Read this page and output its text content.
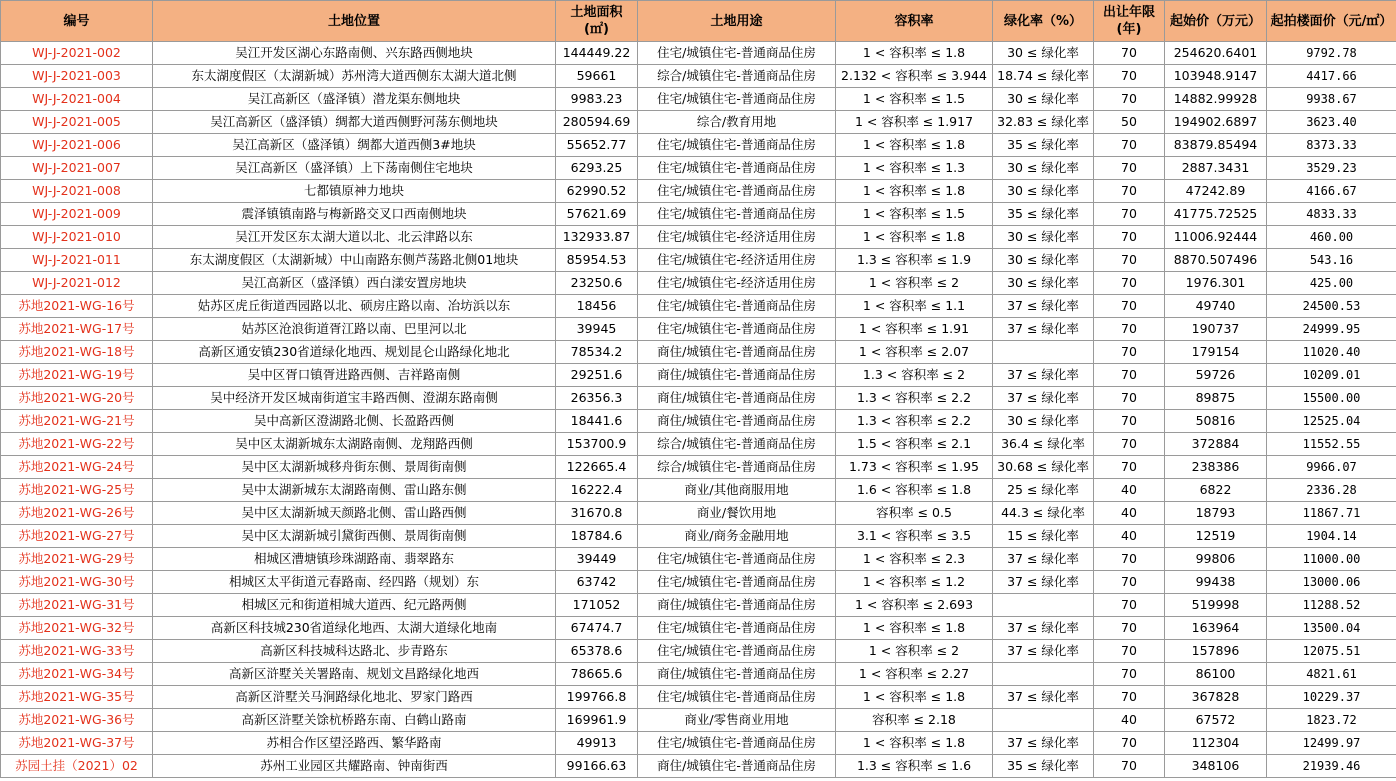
编号	土地位置	土地面积 (㎡)	土地用途	容积率	绿化率（%）	出让年限 (年)	起始价（万元）	起拍楼面价（元/㎡）
WJ-J-2021-002	吴江开发区湖心东路南侧、兴东路西侧地块	144449.22	住宅/城镇住宅-普通商品住房	1 < 容积率 ≤ 1.8	30 ≤ 绿化率	70	254620.6401	9792.78
WJ-J-2021-003	东太湖度假区（太湖新城）苏州湾大道西侧东太湖大道北侧	59661	综合/城镇住宅-普通商品住房	2.132 < 容积率 ≤ 3.944	18.74 ≤ 绿化率	70	103948.9147	4417.66
WJ-J-2021-004	吴江高新区（盛泽镇）潜龙渠东侧地块	9983.23	住宅/城镇住宅-普通商品住房	1 < 容积率 ≤ 1.5	30 ≤ 绿化率	70	14882.99928	9938.67
WJ-J-2021-005	吴江高新区（盛泽镇）绸都大道西侧野河荡东侧地块	280594.69	综合/教育用地	1 < 容积率 ≤ 1.917	32.83 ≤ 绿化率	50	194902.6897	3623.40
WJ-J-2021-006	吴江高新区（盛泽镇）绸都大道西侧3#地块	55652.77	住宅/城镇住宅-普通商品住房	1 < 容积率 ≤ 1.8	35 ≤ 绿化率	70	83879.85494	8373.33
WJ-J-2021-007	吴江高新区（盛泽镇）上下荡南侧住宅地块	6293.25	住宅/城镇住宅-普通商品住房	1 < 容积率 ≤ 1.3	30 ≤ 绿化率	70	2887.3431	3529.23
WJ-J-2021-008	七都镇原神力地块	62990.52	住宅/城镇住宅-普通商品住房	1 < 容积率 ≤ 1.8	30 ≤ 绿化率	70	47242.89	4166.67
WJ-J-2021-009	震泽镇镇南路与梅新路交叉口西南侧地块	57621.69	住宅/城镇住宅-普通商品住房	1 < 容积率 ≤ 1.5	35 ≤ 绿化率	70	41775.72525	4833.33
WJ-J-2021-010	吴江开发区东太湖大道以北、北云津路以东	132933.87	住宅/城镇住宅-经济适用住房	1 < 容积率 ≤ 1.8	30 ≤ 绿化率	70	11006.92444	460.00
WJ-J-2021-011	东太湖度假区（太湖新城）中山南路东侧芦荡路北侧01地块	85954.53	住宅/城镇住宅-经济适用住房	1.3 ≤ 容积率 ≤ 1.9	30 ≤ 绿化率	70	8870.507496	543.16
WJ-J-2021-012	吴江高新区（盛泽镇）西白漾安置房地块	23250.6	住宅/城镇住宅-经济适用住房	1 < 容积率 ≤ 2	30 ≤ 绿化率	70	1976.301	425.00
苏地2021-WG-16号	姑苏区虎丘街道西园路以北、硕房庄路以南、冶坊浜以东	18456	住宅/城镇住宅-普通商品住房	1 < 容积率 ≤ 1.1	37 ≤ 绿化率	70	49740	24500.53
苏地2021-WG-17号	姑苏区沧浪街道胥江路以南、巴里河以北	39945	住宅/城镇住宅-普通商品住房	1 < 容积率 ≤ 1.91	37 ≤ 绿化率	70	190737	24999.95
苏地2021-WG-18号	高新区通安镇230省道绿化地西、规划昆仑山路绿化地北	78534.2	商住/城镇住宅-普通商品住房	1 < 容积率 ≤ 2.07		70	179154	11020.40
苏地2021-WG-19号	吴中区胥口镇胥进路西侧、吉祥路南侧	29251.6	商住/城镇住宅-普通商品住房	1.3 < 容积率 ≤ 2	37 ≤ 绿化率	70	59726	10209.01
苏地2021-WG-20号	吴中经济开发区城南街道宝丰路西侧、澄湖东路南侧	26356.3	商住/城镇住宅-普通商品住房	1.3 < 容积率 ≤ 2.2	37 ≤ 绿化率	70	89875	15500.00
苏地2021-WG-21号	吴中高新区澄湖路北侧、长盈路西侧	18441.6	商住/城镇住宅-普通商品住房	1.3 < 容积率 ≤ 2.2	30 ≤ 绿化率	70	50816	12525.04
苏地2021-WG-22号	吴中区太湖新城东太湖路南侧、龙翔路西侧	153700.9	综合/城镇住宅-普通商品住房	1.5 < 容积率 ≤ 2.1	36.4 ≤ 绿化率	70	372884	11552.55
苏地2021-WG-24号	吴中区太湖新城移舟街东侧、景周街南侧	122665.4	综合/城镇住宅-普通商品住房	1.73 < 容积率 ≤ 1.95	30.68 ≤ 绿化率	70	238386	9966.07
苏地2021-WG-25号	吴中太湖新城东太湖路南侧、雷山路东侧	16222.4	商业/其他商服用地	1.6 < 容积率 ≤ 1.8	25 ≤ 绿化率	40	6822	2336.28
苏地2021-WG-26号	吴中区太湖新城天颜路北侧、雷山路西侧	31670.8	商业/餐饮用地	容积率 ≤ 0.5	44.3 ≤ 绿化率	40	18793	11867.71
苏地2021-WG-27号	吴中区太湖新城引黛街西侧、景周街南侧	18784.6	商业/商务金融用地	3.1 < 容积率 ≤ 3.5	15 ≤ 绿化率	40	12519	1904.14
苏地2021-WG-29号	相城区漕塘镇珍珠湖路南、翡翠路东	39449	住宅/城镇住宅-普通商品住房	1 < 容积率 ≤ 2.3	37 ≤ 绿化率	70	99806	11000.00
苏地2021-WG-30号	相城区太平街道元春路南、经四路（规划）东	63742	住宅/城镇住宅-普通商品住房	1 < 容积率 ≤ 1.2	37 ≤ 绿化率	70	99438	13000.06
苏地2021-WG-31号	相城区元和街道相城大道西、纪元路两侧	171052	商住/城镇住宅-普通商品住房	1 < 容积率 ≤ 2.693		70	519998	11288.52
苏地2021-WG-32号	高新区科技城230省道绿化地西、太湖大道绿化地南	67474.7	住宅/城镇住宅-普通商品住房	1 < 容积率 ≤ 1.8	37 ≤ 绿化率	70	163964	13500.04
苏地2021-WG-33号	高新区科技城科达路北、步青路东	65378.6	住宅/城镇住宅-普通商品住房	1 < 容积率 ≤ 2	37 ≤ 绿化率	70	157896	12075.51
苏地2021-WG-34号	高新区浒墅关关署路南、规划文昌路绿化地西	78665.6	商住/城镇住宅-普通商品住房	1 < 容积率 ≤ 2.27		70	86100	4821.61
苏地2021-WG-35号	高新区浒墅关马涧路绿化地北、罗家门路西	199766.8	住宅/城镇住宅-普通商品住房	1 < 容积率 ≤ 1.8	37 ≤ 绿化率	70	367828	10229.37
苏地2021-WG-36号	高新区浒墅关馀杭桥路东南、白鹤山路南	169961.9	商业/零售商业用地	容积率 ≤ 2.18		40	67572	1823.72
苏地2021-WG-37号	苏相合作区望泾路西、繁华路南	49913	住宅/城镇住宅-普通商品住房	1 < 容积率 ≤ 1.8	37 ≤ 绿化率	70	112304	12499.97
苏园土挂（2021）02	苏州工业园区共耀路南、钟南街西	99166.63	商住/城镇住宅-普通商品住房	1.3 ≤ 容积率 ≤ 1.6	35 ≤ 绿化率	70	348106	21939.46
